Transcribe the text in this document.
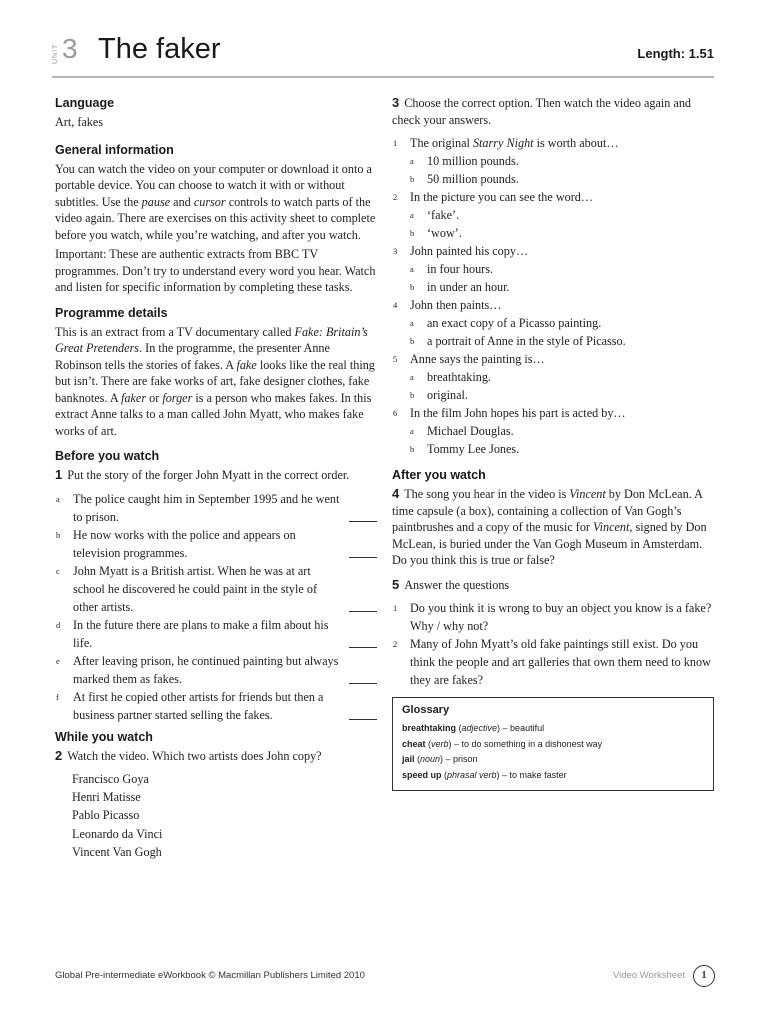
UNIT 3 The faker	Length: 1.51
Language

Art, fakes

General information

You can watch the video on your computer or download it onto a portable device. You can choose to watch it with or without subtitles. Use the pause and cursor controls to watch parts of the video again. There are exercises on this activity sheet to complete before you watch, while you’re watching, and after you watch.

Important: These are authentic extracts from BBC TV programmes. Don’t try to understand every word you hear. Watch and listen for specific information by completing these tasks.

Programme details

This is an extract from a TV documentary called Fake: Britain’s Great Pretenders. In the programme, the presenter Anne Robinson tells the stories of fakes. A fake looks like the real thing but isn’t. There are fake works of art, fake designer clothes, fake banknotes. A faker or forger is a person who makes fakes. In this extract Anne talks to a man called John Myatt, who makes fake works of art.

Before you watch
1 Put the story of the forger John Myatt in the correct order.
a	The police caught him in September 1995 and he went to prison.
b	He now works with the police and appears on television programmes.
c	John Myatt is a British artist. When he was at art school he discovered he could paint in the style of other artists.
d	In the future there are plans to make a film about his life.
e	After leaving prison, he continued painting but always marked them as fakes.
f	At first he copied other artists for friends but then a business partner started selling the fakes.
While you watch
2 Watch the video. Which two artists does John copy?
Francisco Goya
Henri Matisse
Pablo Picasso
Leonardo da Vinci
Vincent Van Gogh
3 Choose the correct option. Then watch the video again and check your answers.
1	The original Starry Night is worth about…
a	10 million pounds.
b	50 million pounds.
2	In the picture you can see the word…
a	‘fake’.
b	‘wow’.
3	John painted his copy…
a	in four hours.
b	in under an hour.
4	John then paints…
a	an exact copy of a Picasso painting.
b	a portrait of Anne in the style of Picasso.
5	Anne says the painting is…
a	breathtaking.
b	original.
6	In the film John hopes his part is acted by…
a	Michael Douglas.
b	Tommy Lee Jones.
After you watch
4 The song you hear in the video is Vincent by Don McLean. A time capsule (a box), containing a collection of Van Gogh’s paintbrushes and a copy of the music for Vincent, signed by Don McLean, is buried under the Van Gogh Museum in Amsterdam. Do you think this is true or false?
5 Answer the questions
1	Do you think it is wrong to buy an object you know is a fake? Why / why not?
2	Many of John Myatt’s old fake paintings still exist. Do you think the people and art galleries that own them need to know they are fakes?
Glossary
breathtaking (adjective) – beautiful
cheat (verb) – to do something in a dishonest way
jail (noun) – prison
speed up (phrasal verb) – to make faster
Global Pre-intermediate eWorkbook © Macmillan Publishers Limited 2010	Video Worksheet	1
